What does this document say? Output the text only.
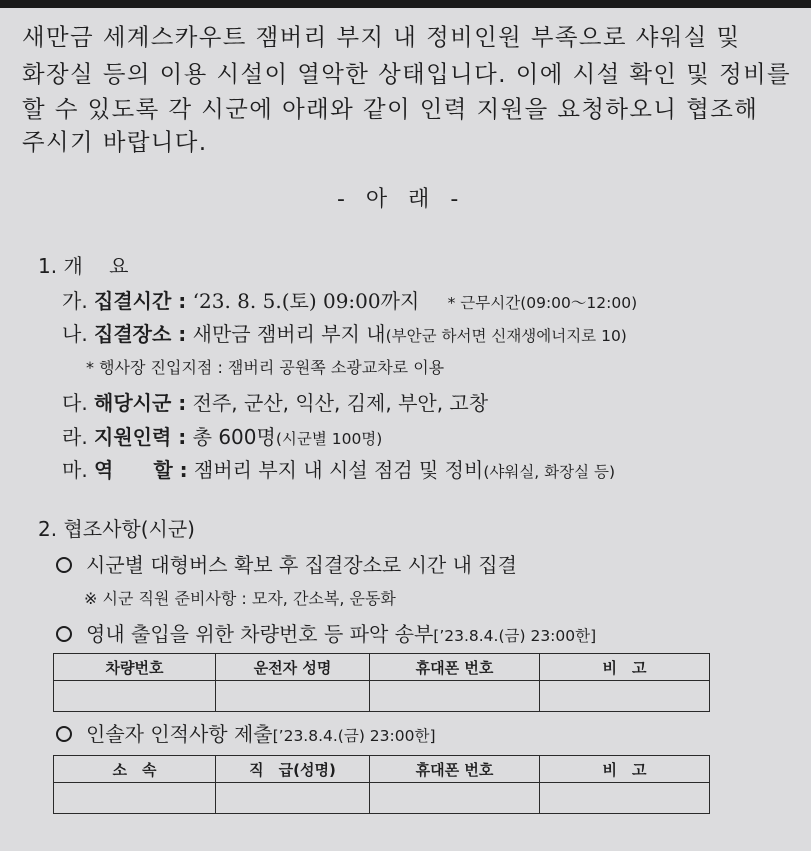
새만금 세계스카우트 잼버리 부지 내 정비인원 부족으로 샤워실 및
화장실 등의 이용 시설이 열악한 상태입니다. 이에 시설 확인 및 정비를
할 수 있도록 각 시군에 아래와 같이 인력 지원을 요청하오니 협조해
주시기 바랍니다.
- 아 래 -
1. 개　 요
가. 집결시간 : ‘23. 8. 5.(토) 09:00까지 * 근무시간(09:00～12:00)
나. 집결장소 : 새만금 잼버리 부지 내(부안군 하서면 신재생에너지로 10)
* 행사장 진입지점 : 잼버리 공원쪽 소광교차로 이용
다. 해당시군 : 전주, 군산, 익산, 김제, 부안, 고창
라. 지원인력 : 총 600명(시군별 100명)
마. 역　　할 : 잼버리 부지 내 시설 점검 및 정비(샤워실, 화장실 등)
2. 협조사항(시군)
시군별 대형버스 확보 후 집결장소로 시간 내 집결
※ 시군 직원 준비사항 : 모자, 간소복, 운동화
영내 출입을 위한 차량번호 등 파악 송부[’23.8.4.(금) 23:00한]
차량번호	운전자 성명	휴대폰 번호	비　고

인솔자 인적사항 제출[’23.8.4.(금) 23:00한]
소　속	직　급(성명)	휴대폰 번호	비　고
